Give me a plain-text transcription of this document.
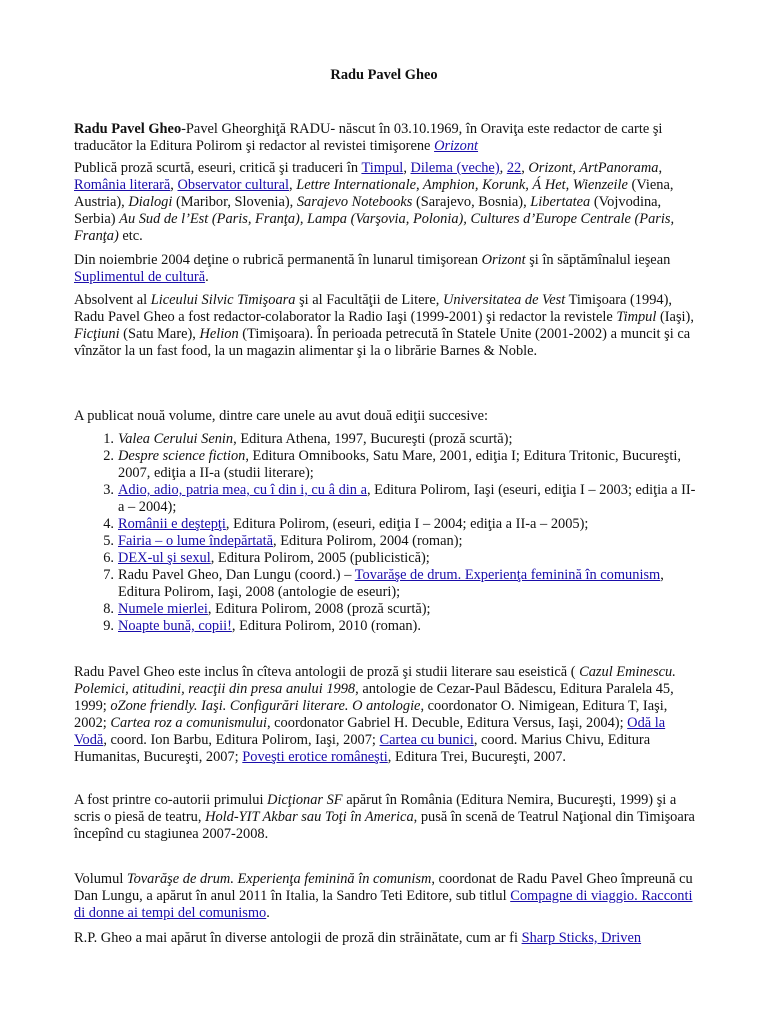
Radu Pavel Gheo

Radu Pavel Gheo-Pavel Gheorghiţă RADU- născut în 03.10.1969, în Oraviţa este redactor de carte şi traducător la Editura Polirom şi redactor al revistei timişorene Orizont

Publică proză scurtă, eseuri, critică şi traduceri în Timpul, Dilema (veche), 22, Orizont, ArtPanorama, România literară, Observator cultural, Lettre Internationale, Amphion, Korunk, Á Het, Wienzeile (Viena, Austria), Dialogi (Maribor, Slovenia), Sarajevo Notebooks (Sarajevo, Bosnia), Libertatea (Vojvodina, Serbia) Au Sud de l’Est (Paris, Franţa), Lampa (Varşovia, Polonia), Cultures d’Europe Centrale (Paris, Franţa) etc.

Din noiembrie 2004 deţine o rubrică permanentă în lunarul timişorean Orizont şi în săptămînalul ieşean Suplimentul de cultură.

Absolvent al Liceului Silvic Timişoara şi al Facultăţii de Litere, Universitatea de Vest Timişoara (1994), Radu Pavel Gheo a fost redactor-colaborator la Radio Iaşi (1999-2001) şi redactor la revistele Timpul (Iaşi), Ficţiuni (Satu Mare), Helion (Timişoara). În perioada petrecută în Statele Unite (2001-2002) a muncit şi ca vînzător la un fast food, la un magazin alimentar şi la o librărie Barnes & Noble.

A publicat nouă volume, dintre care unele au avut două ediţii succesive:

1. Valea Cerului Senin, Editura Athena, 1997, Bucureşti (proză scurtă);
2. Despre science fiction, Editura Omnibooks, Satu Mare, 2001, ediţia I; Editura Tritonic, Bucureşti, 2007, ediţia a II-a (studii literare);
3. Adio, adio, patria mea, cu î din i, cu â din a, Editura Polirom, Iaşi (eseuri, ediţia I – 2003; ediţia a II-a – 2004);
4. Românii e deştepţi, Editura Polirom, (eseuri, ediţia I – 2004; ediţia a II-a – 2005);
5. Fairia – o lume îndepărtată, Editura Polirom, 2004 (roman);
6. DEX-ul şi sexul, Editura Polirom, 2005 (publicistică);
7. Radu Pavel Gheo, Dan Lungu (coord.) – Tovarăşe de drum. Experienţa feminină în comunism, Editura Polirom, Iaşi, 2008 (antologie de eseuri);
8. Numele mierlei, Editura Polirom, 2008 (proză scurtă);
9. Noapte bună, copii!, Editura Polirom, 2010 (roman).

Radu Pavel Gheo este inclus în cîteva antologii de proză şi studii literare sau eseistică ( Cazul Eminescu. Polemici, atitudini, reacţii din presa anului 1998, antologie de Cezar-Paul Bădescu, Editura Paralela 45, 1999; oZone friendly. Iaşi. Configurări literare. O antologie, coordonator O. Nimigean, Editura T, Iaşi, 2002; Cartea roz a comunismului, coordonator Gabriel H. Decuble, Editura Versus, Iaşi, 2004); Odă la Vodă, coord. Ion Barbu, Editura Polirom, Iaşi, 2007; Cartea cu bunici, coord. Marius Chivu, Editura Humanitas, Bucureşti, 2007; Poveşti erotice româneşti, Editura Trei, Bucureşti, 2007.

A fost printre co-autorii primului Dicţionar SF apărut în România (Editura Nemira, Bucureşti, 1999) şi a scris o piesă de teatru, Hold-YIT Akbar sau Toţi în America, pusă în scenă de Teatrul Naţional din Timişoara începînd cu stagiunea 2007-2008.

Volumul Tovarăşe de drum. Experienţa feminină în comunism, coordonat de Radu Pavel Gheo împreună cu Dan Lungu, a apărut în anul 2011 în Italia, la Sandro Teti Editore, sub titlul Compagne di viaggio. Racconti di donne ai tempi del comunismo.

R.P. Gheo a mai apărut în diverse antologii de proză din străinătate, cum ar fi Sharp Sticks, Driven
